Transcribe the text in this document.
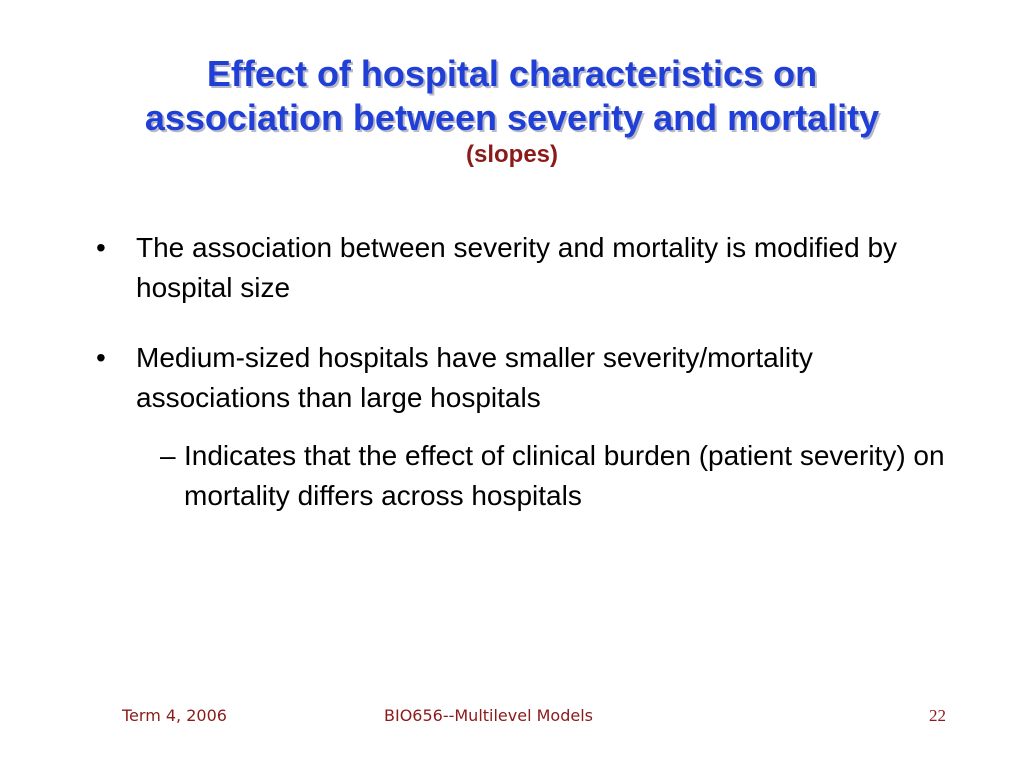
Effect of hospital characteristics on
association between severity and mortality
(slopes)
•	The association between severity and mortality is modified by hospital size
•	Medium-sized hospitals have smaller severity/mortality associations than large hospitals
– Indicates that the effect of clinical burden (patient severity) on mortality differs across hospitals
Term 4, 2006	BIO656--Multilevel Models	22
